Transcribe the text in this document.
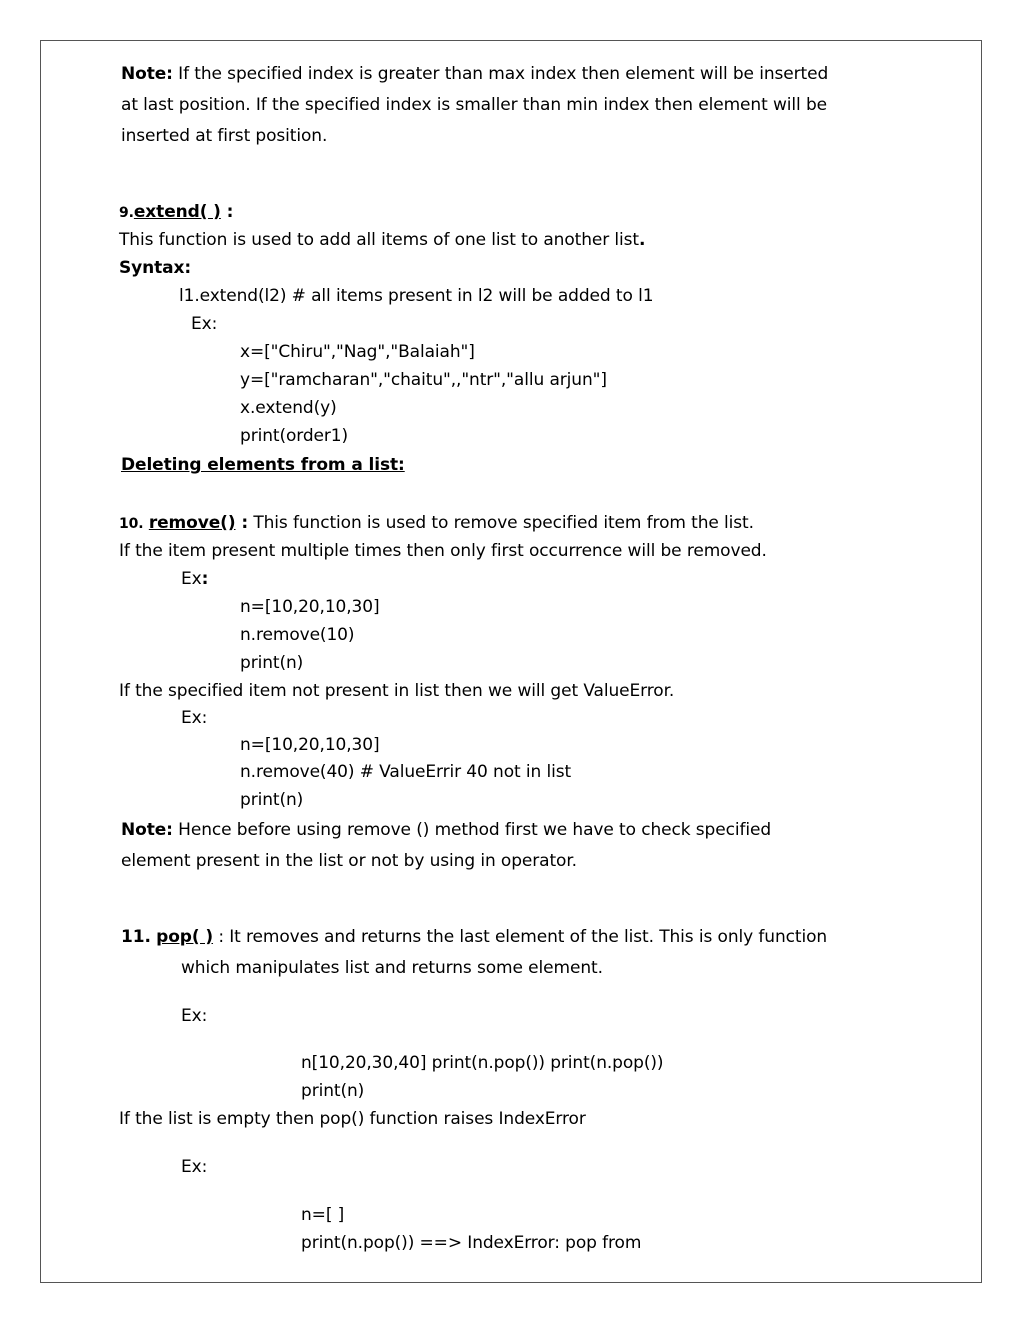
Note: If the specified index is greater than max index then element will be inserted
at last position. If the specified index is smaller than min index then element will be
inserted at first position.
9.extend( ) :
This function is used to add all items of one list to another list.
Syntax:
l1.extend(l2) # all items present in l2 will be added to l1
Ex:
x=["Chiru","Nag","Balaiah"]
y=["ramcharan","chaitu",,"ntr","allu arjun"]
x.extend(y)
print(order1)
Deleting elements from a list:
10. remove() : This function is used to remove specified item from the list.
If the item present multiple times then only first occurrence will be removed.
Ex:
n=[10,20,10,30]
n.remove(10)
print(n)
If the specified item not present in list then we will get ValueError.
Ex:
n=[10,20,10,30]
n.remove(40) # ValueErrir 40 not in list
print(n)
Note: Hence before using remove () method first we have to check specified
element present in the list or not by using in operator.
11. pop( ) : It removes and returns the last element of the list. This is only function
which manipulates list and returns some element.
Ex:
n[10,20,30,40] print(n.pop()) print(n.pop())
print(n)
If the list is empty then pop() function raises IndexError
Ex:
n=[ ]
print(n.pop()) ==> IndexError: pop from
